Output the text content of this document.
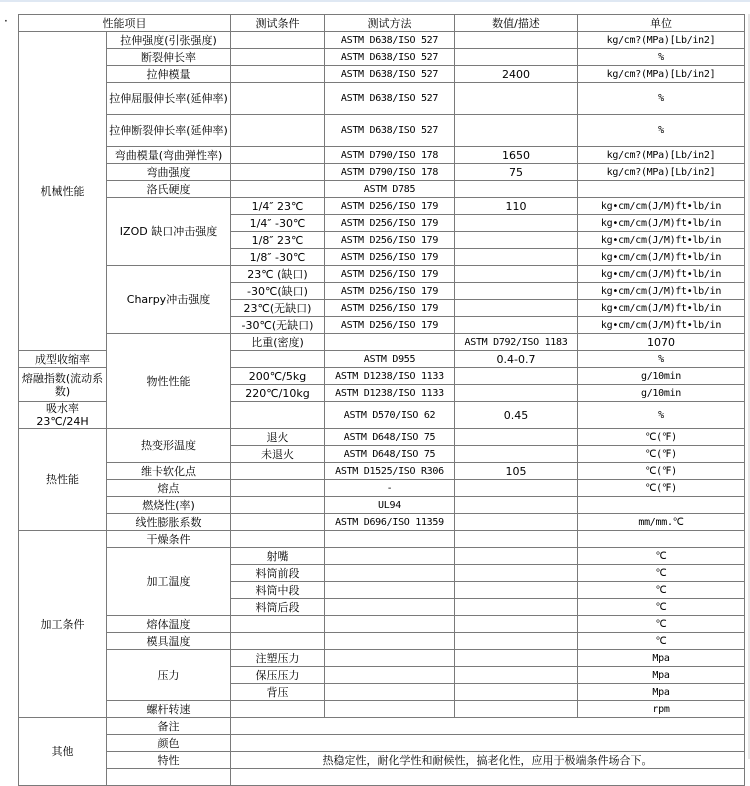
·	性能项目		测试条件	测试方法	数值/描述	单位	
机械性能	拉伸强度(引张强度)		ASTM D638/ISO 527		kg/cm?(MPa)[Lb/in2]	
	断裂伸长率		ASTM D638/ISO 527		%	
	拉伸模量		ASTM D638/ISO 527	2400	kg/cm?(MPa)[Lb/in2]	
	拉伸屈服伸长率(延伸率)		ASTM D638/ISO 527		%	
	拉伸断裂伸长率(延伸率)		ASTM D638/ISO 527		%	
	弯曲模量(弯曲弹性率)		ASTM D790/ISO 178	1650	kg/cm?(MPa)[Lb/in2]	
	弯曲强度		ASTM D790/ISO 178	75	kg/cm?(MPa)[Lb/in2]	
	洛氏硬度		ASTM D785			
	IZOD 缺口冲击强度	1/4″ 23℃	ASTM D256/ISO 179	110	kg•cm/cm(J/M)ft•lb/in	
		1/4″ -30℃	ASTM D256/ISO 179		kg•cm/cm(J/M)ft•lb/in	
		1/8″ 23℃	ASTM D256/ISO 179		kg•cm/cm(J/M)ft•lb/in	
		1/8″ -30℃	ASTM D256/ISO 179		kg•cm/cm(J/M)ft•lb/in	
	Charpy冲击强度	23℃ (缺口)	ASTM D256/ISO 179		kg•cm/cm(J/M)ft•lb/in	
		-30℃(缺口)	ASTM D256/ISO 179		kg•cm/cm(J/M)ft•lb/in	
		23℃(无缺口)	ASTM D256/ISO 179		kg•cm/cm(J/M)ft•lb/in	
		-30℃(无缺口)	ASTM D256/ISO 179		kg•cm/cm(J/M)ft•lb/in	
	物性性能	比重(密度)		ASTM D792/ISO 1183	1070	
成型收缩率			ASTM D955	0.4-0.7	%	
熔融指数(流动系数)		200℃/5kg	ASTM D1238/ISO 1133		g/10min	
		220℃/10kg	ASTM D1238/ISO 1133		g/10min	
吸水率 23℃/24H			ASTM D570/ISO 62	0.45	%	
热性能	热变形温度	退火	ASTM D648/ISO 75		℃(℉)	
		未退火	ASTM D648/ISO 75		℃(℉)	
	维卡软化点		ASTM D1525/ISO R306	105	℃(℉)	
	熔点		-		℃(℉)	
	燃烧性(率)		UL94			
	线性膨胀系数		ASTM D696/ISO 11359		mm/mm.℃	
加工条件	干燥条件					
	加工温度	射嘴			℃	
		料筒前段			℃	
		料筒中段			℃	
		料筒后段			℃	
	熔体温度				℃	
	模具温度				℃	
	压力	注塑压力			Mpa	
		保压压力			Mpa	
		背压			Mpa	
	螺杆转速				rpm	
其他	备注					
	颜色					
	特性	热稳定性，耐化学性和耐候性，搞老化性，应用于极端条件场合下。				
